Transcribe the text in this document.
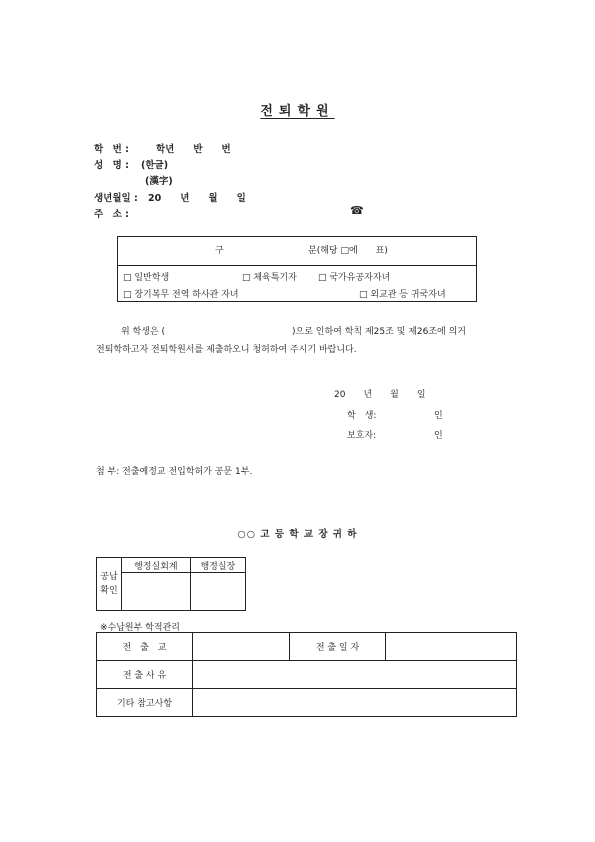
전퇴학원
학　번 :	학년　　반　　번
성　명 : (한글)
(漢字)
생년월일 : 20　　년　　월　　일
주　소 :	☎
구	분(해당 □에　　표)
□ 일반학생	□ 체육특기자 □ 국가유공자자녀
□ 장기복무 전역 하사관 자녀	□ 외교관 등 귀국자녀
위 학생은 (	)으로 인하여 학칙 제25조 및 제26조에 의거
전퇴학하고자 전퇴학원서를 제출하오니 청허하여 주시기 바랍니다.
20　　년　　월　　일
학　생:	인
보호자:	인
첨 부: 전출예정교 전입학허가 공문 1부.
○○ 고 등 학 교 장 귀 하
공납
확인	행정실회계	행정실장

※수납원부 학적관리
전　출　교		전 출 일 자	
전 출 사 유			
기타 참고사항			
